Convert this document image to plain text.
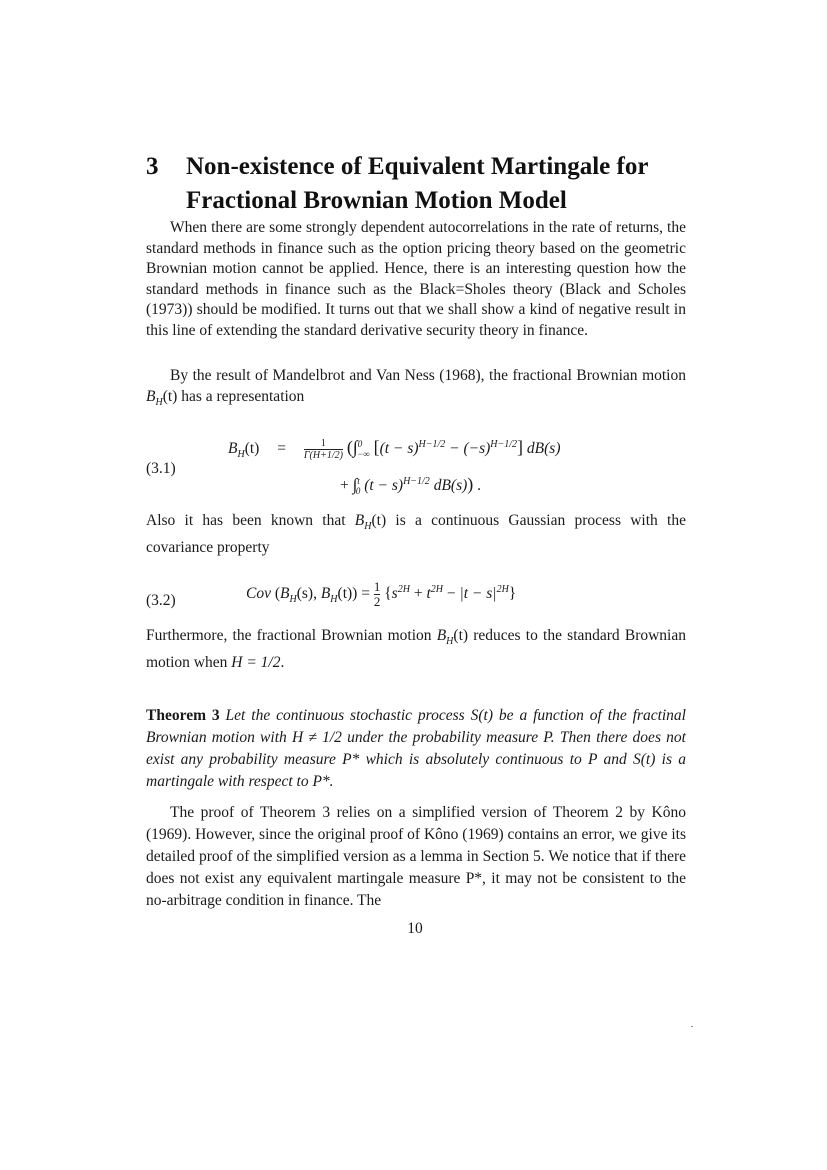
3	Non-existence of Equivalent Martingale for Fractional Brownian Motion Model

When there are some strongly dependent autocorrelations in the rate of returns, the standard methods in finance such as the option pricing theory based on the geometric Brownian motion cannot be applied. Hence, there is an interesting question how the standard methods in finance such as the Black=Sholes theory (Black and Scholes (1973)) should be modified. It turns out that we shall show a kind of negative result in this line of extending the standard derivative security theory in finance.

By the result of Mandelbrot and Van Ness (1968), the fractional Brownian motion $B_H(t)$ has a representation

(3.1)
$B_H(t) = \frac{1}{\Gamma(H+1/2)} (\int^0_{-\infty}$ $[(t - s)^{H-1/2} - (-s)^{H-1/2}]$ dB(s)
+ ∫$^t_0$ $(t - s)^{H-1/2}$ dB(s)) .

Also it has been known that $B_H(t)$ is a continuous Gaussian process with the covariance property

(3.2)	Cov ($B_H(s)$, $B_H(t)) = \frac{1}{2} \{s^{2H} + t^{2H} - |t - s|^{2H}\}$

Furthermore, the fractional Brownian motion $B_H(t)$ reduces to the standard Brownian motion when H = 1/2.

Theorem 3 Let the continuous stochastic process S(t) be a function of the fractinal Brownian motion with H ≠ 1/2 under the probability measure P. Then there does not exist any probability measure P* which is absolutely continuous to P and S(t) is a martingale with respect to P*.

The proof of Theorem 3 relies on a simplified version of Theorem 2 by Kôno (1969). However, since the original proof of Kôno (1969) contains an error, we give its detailed proof of the simplified version as a lemma in Section 5. We notice that if there does not exist any equivalent martingale measure P*, it may not be consistent to the no-arbitrage condition in finance. The

10
